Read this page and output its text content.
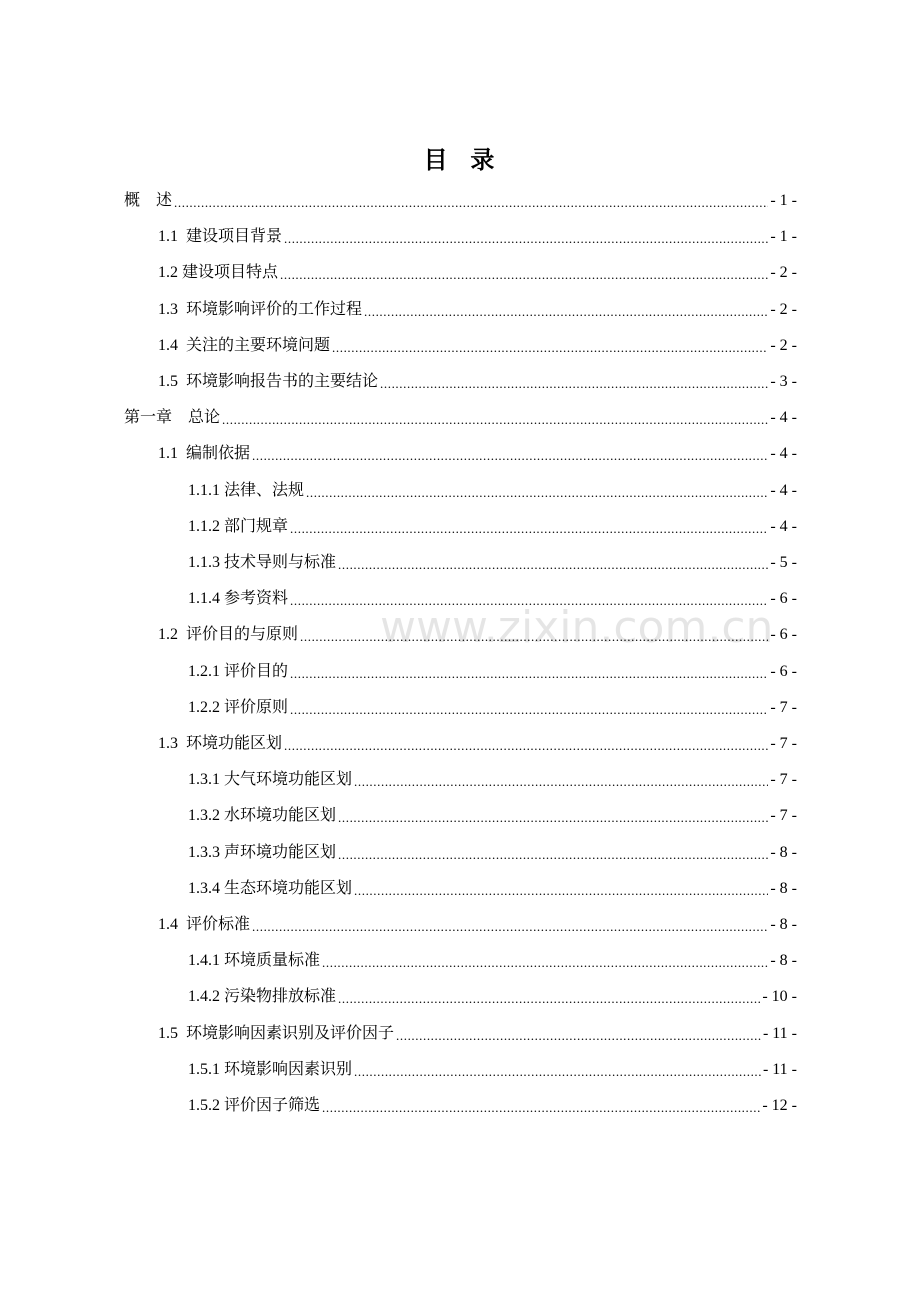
目  录
概    述 .....	- 1 -
1.1  建设项目背景 .....	- 1 -
1.2 建设项目特点 .....	- 2 -
1.3  环境影响评价的工作过程 .....	- 2 -
1.4  关注的主要环境问题 .....	- 2 -
1.5  环境影响报告书的主要结论 .....	- 3 -
第一章    总论 .....	- 4 -
1.1  编制依据 .....	- 4 -
1.1.1 法律、法规 .....	- 4 -
1.1.2 部门规章 .....	- 4 -
1.1.3 技术导则与标准 .....	- 5 -
1.1.4 参考资料 .....	- 6 -
1.2  评价目的与原则 .....	- 6 -
1.2.1 评价目的 .....	- 6 -
1.2.2 评价原则 .....	- 7 -
1.3  环境功能区划 .....	- 7 -
1.3.1 大气环境功能区划 .....	- 7 -
1.3.2 水环境功能区划 .....	- 7 -
1.3.3 声环境功能区划 .....	- 8 -
1.3.4 生态环境功能区划 .....	- 8 -
1.4  评价标准 .....	- 8 -
1.4.1 环境质量标准 .....	- 8 -
1.4.2 污染物排放标准 .....	- 10 -
1.5  环境影响因素识别及评价因子 .....	- 11 -
1.5.1 环境影响因素识别 .....	- 11 -
1.5.2 评价因子筛选 .....	- 12 -
www.zixin.com.cn
